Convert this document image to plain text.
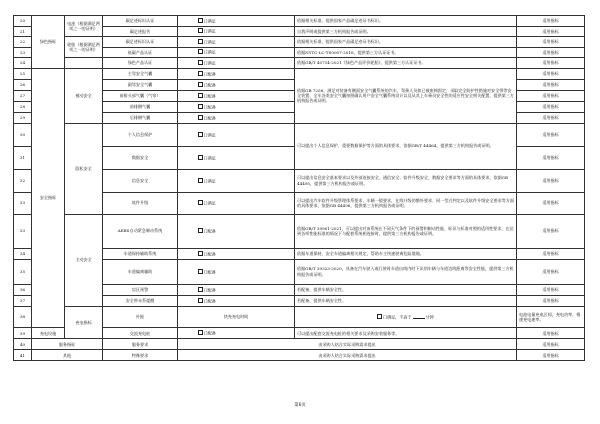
20	绿色指标	电池（根据满足两项之一的证明）	碳足迹标识认证	口满足	依据相关标准，提供国家产品碳足迹证书标识。	适用指标	
21			碳足迹报告	口满足	自我声明或提供第三方机构报告或证明。	适用指标	
22		轮胎（根据满足两项之一的证明）	碳足迹标识认证	口满足	依据相关标准，提供国家产品碳足迹证书标识。	适用指标	
23			低碳产品认证	口满足	依据NYTC-LC-TS0007-2016，提供第三方认证证书。	适用指标	
24			绿色产品认证	口满足	依据GB/T 40714-2021《绿色产品评价轮胎》，提供第三方认证证书。	适用指标	
25	安全指标	被动安全	主驾安全气囊	口配备	依据GB 7258、满足对装备有侧面安全气囊系统的汽车，驾乘人员如已被座椅固定，采取完全防护性措施对安全带等安全装置、全车各类安全气囊按照确认用户安全气囊系统设计以及从其上车乘员安全性的适应性安全相关配置，提供第三方机构报告或证明。	适用指标	
26			副驾安全气囊	口配备		适用指标	
27			前排头部气囊（气帘）	口配备		适用指标	
28			前排侧气囊	口配备		适用指标	
29			后排侧气囊	口配备		适用指标	
30		隐私安全	个人信息保护	口满足	可以提出个人信息保护、重要数据保护等方面的具体要求，依据GB/T 44464，提供第三方机构报告或证明。	适用指标	
31			数据安全	口满足		适用指标	
32			信息安全	口满足	可以提出信息安全基本要求以及外部连接安全、通信安全、软件升级安全、数据安全要求等方面的具体要求，依据GB 44495，提供第三方机构报告或证明。	适用指标	
33			软件升级	口满足	可以提出汽车软件升级管理体系要求、车辆一般要求，在线升级的额外要求、同一型式判定以及软件升级安全要求等方面的具体要求，依据GB 44496，提供第三方机构报告或证明。	适用指标	
33		主动安全	AEBS自动紧急制动系统	口配备	依据GB/T 39901-2021，可以提出对该系统在不同天气条件下的预警和制动性能、标识与标准对照的适用性要求，在达到各项性能标准的情况下与配套系统相连接时，提供第三方机构报告或证明。	适用指标	
34			车道保持辅助系统	口配备	依据车道保持、安全车道偏离相关规定，帮助车主快速驶离危险境地。	适用指标	
35			车道偏离辅助	口配备	依据GB/T 39323-2020，具备在汽车驶入或行驶时车道出线内时下识别车辆与车道边线距离等安全性能，提供第三方机构报告或证明。	适用指标	
36			盲区预警	口配备	若配备，提供车辆安全性。	适用指标	
37			安全带未系提醒	口配备	若配备，提供车辆安全性。	适用指标	
38		充电指标	补能	快充充电时间	口满足，不高于 分钟	电池电量充电区间，充电功率，慢速充电速率。	
39	充电设施		交流充电桩	口配备	可以提出配套交流充电桩的相关要求及采购安装服务等。	适用指标	
40	服务指标		服务要求	由采购人结合实际采购需求提出		适用指标	
41	其他		特殊要求	由采购人结合实际采购需求提出		适用指标	
第6页
